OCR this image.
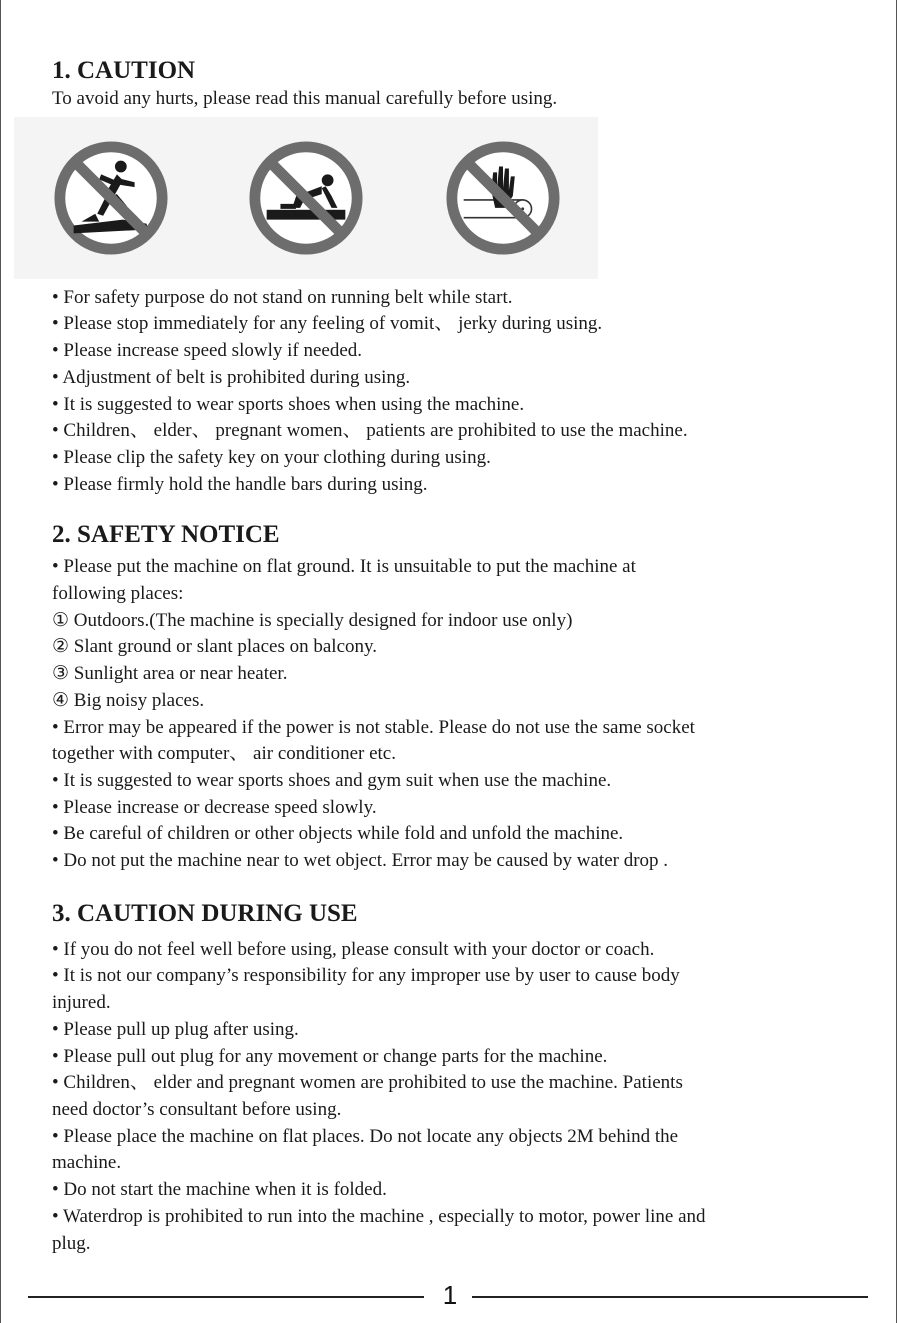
1. CAUTION

To avoid any hurts, please read this manual carefully before using.

• For safety purpose do not stand on running belt while start.

• Please stop immediately for any feeling of vomit、 jerky during using.

• Please increase speed slowly if needed.

• Adjustment of belt is prohibited during using.

• It is suggested to wear sports shoes when using the machine.

• Children、 elder、 pregnant women、 patients are prohibited to use the machine.

• Please clip the safety key on your clothing during using.

• Please firmly hold the handle bars during using.

2. SAFETY NOTICE

• Please put the machine on flat ground. It is unsuitable to put the machine at

following places:

① Outdoors.(The machine is specially designed for indoor use only)

② Slant ground or slant places on balcony.

③ Sunlight area or near heater.

④ Big noisy places.

• Error may be appeared if the power is not stable. Please do not use the same socket

together with computer、 air conditioner etc.

• It is suggested to wear sports shoes and gym suit when use the machine.

• Please increase or decrease speed slowly.

• Be careful of children or other objects while fold and unfold the machine.

• Do not put the machine near to wet object. Error may be caused by water drop .

3. CAUTION DURING USE

• If you do not feel well before using, please consult with your doctor or coach.

• It is not our company’s responsibility for any improper use by user to cause body

injured.

• Please pull up plug after using.

• Please pull out plug for any movement or change parts for the machine.

• Children、 elder and pregnant women are prohibited to use the machine. Patients

need doctor’s consultant before using.

• Please place the machine on flat places. Do not locate any objects 2M behind the

machine.

• Do not start the machine when it is folded.

• Waterdrop is prohibited to run into the machine , especially to motor, power line and

plug.

1
